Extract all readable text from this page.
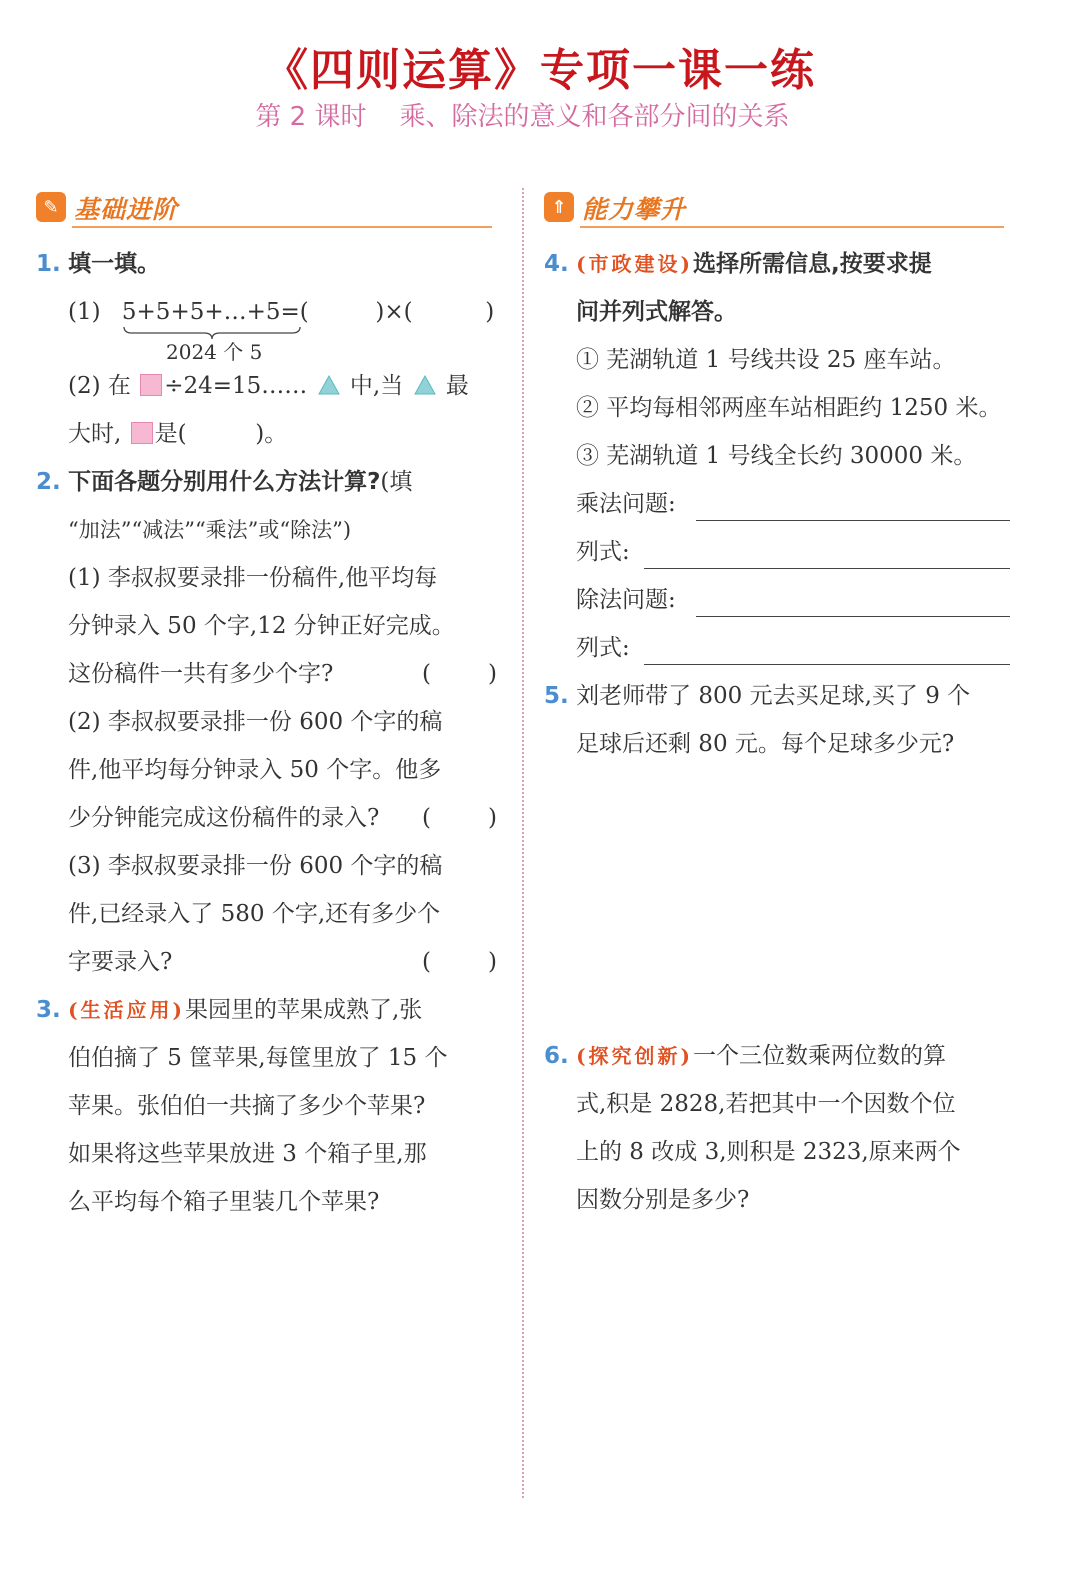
《四则运算》专项一课一练
第 2 课时    乘、除法的意义和各部分间的关系
✎ 基础进阶
1. 填一填。
(1) 5+5+5+…+5=(	)×(	)
2024 个 5
(2) 在 ÷24=15…… 中,当 最
大时, 是(	)。
2. 下面各题分别用什么方法计算?(填
“加法”“减法”“乘法”或“除法”)
(1) 李叔叔要录排一份稿件,他平均每
分钟录入 50 个字,12 分钟正好完成。
这份稿件一共有多少个字?	( )
(2) 李叔叔要录排一份 600 个字的稿
件,他平均每分钟录入 50 个字。他多
少分钟能完成这份稿件的录入? ( )
(3) 李叔叔要录排一份 600 个字的稿
件,已经录入了 580 个字,还有多少个
字要录入?	( )
3. (生活应用)果园里的苹果成熟了,张
伯伯摘了 5 筐苹果,每筐里放了 15 个
苹果。张伯伯一共摘了多少个苹果?
如果将这些苹果放进 3 个箱子里,那
么平均每个箱子里装几个苹果?
⇑ 能力攀升
4. (市政建设)选择所需信息,按要求提
问并列式解答。
① 芜湖轨道 1 号线共设 25 座车站。
② 平均每相邻两座车站相距约 1250 米。
③ 芜湖轨道 1 号线全长约 30000 米。
乘法问题:
列式:
除法问题:
列式:
5. 刘老师带了 800 元去买足球,买了 9 个
足球后还剩 80 元。每个足球多少元?
6. (探究创新)一个三位数乘两位数的算
式,积是 2828,若把其中一个因数个位
上的 8 改成 3,则积是 2323,原来两个
因数分别是多少?
